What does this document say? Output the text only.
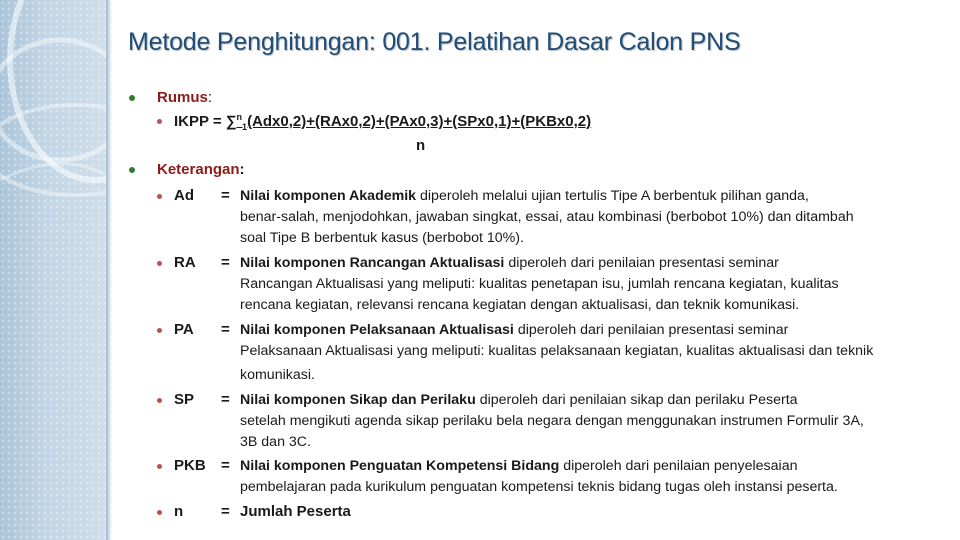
Metode Penghitungan: 001. Pelatihan Dasar Calon PNS
Rumus:
IKPP = ∑$^n_1$(Adx0,2)+(RAx0,2)+(PAx0,3)+(SPx0,1)+(PKBx0,2)
n
Keterangan:
Ad = Nilai komponen Akademik diperoleh melalui ujian tertulis Tipe A berbentuk pilihan ganda,
benar-salah, menjodohkan, jawaban singkat, essai, atau kombinasi (berbobot 10%) dan ditambah
soal Tipe B berbentuk kasus (berbobot 10%).
RA = Nilai komponen Rancangan Aktualisasi diperoleh dari penilaian presentasi seminar
Rancangan Aktualisasi yang meliputi: kualitas penetapan isu, jumlah rencana kegiatan, kualitas
rencana kegiatan, relevansi rencana kegiatan dengan aktualisasi, dan teknik komunikasi.
PA = Nilai komponen Pelaksanaan Aktualisasi diperoleh dari penilaian presentasi seminar
Pelaksanaan Aktualisasi yang meliputi: kualitas pelaksanaan kegiatan, kualitas aktualisasi dan teknik
komunikasi.
SP = Nilai komponen Sikap dan Perilaku diperoleh dari penilaian sikap dan perilaku Peserta
setelah mengikuti agenda sikap perilaku bela negara dengan menggunakan instrumen Formulir 3A,
3B dan 3C.
PKB = Nilai komponen Penguatan Kompetensi Bidang diperoleh dari penilaian penyelesaian
pembelajaran pada kurikulum penguatan kompetensi teknis bidang tugas oleh instansi peserta.
n	= Jumlah Peserta
